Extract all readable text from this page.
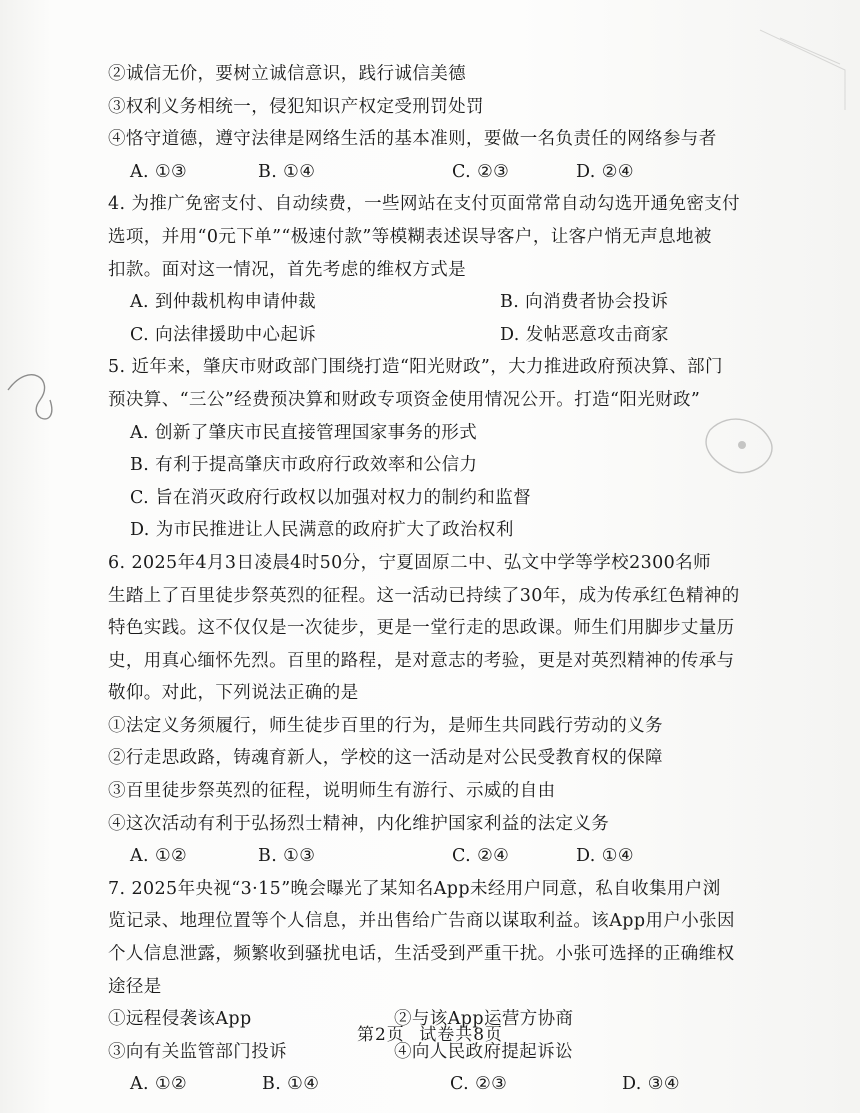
②诚信无价，要树立诚信意识，践行诚信美德
③权利义务相统一，侵犯知识产权定受刑罚处罚
④恪守道德，遵守法律是网络生活的基本准则，要做一名负责任的网络参与者
A. ①③	B. ①④	C. ②③	D. ②④
4. 为推广免密支付、自动续费，一些网站在支付页面常常自动勾选开通免密支付
选项，并用“0元下单”“极速付款”等模糊表述误导客户，让客户悄无声息地被
扣款。面对这一情况，首先考虑的维权方式是
A. 到仲裁机构申请仲裁	B. 向消费者协会投诉
C. 向法律援助中心起诉	D. 发帖恶意攻击商家
5. 近年来，肇庆市财政部门围绕打造“阳光财政”，大力推进政府预决算、部门
预决算、“三公”经费预决算和财政专项资金使用情况公开。打造“阳光财政”
A. 创新了肇庆市民直接管理国家事务的形式
B. 有利于提高肇庆市政府行政效率和公信力
C. 旨在消灭政府行政权以加强对权力的制约和监督
D. 为市民推进让人民满意的政府扩大了政治权利
6. 2025年4月3日凌晨4时50分，宁夏固原二中、弘文中学等学校2300名师
生踏上了百里徒步祭英烈的征程。这一活动已持续了30年，成为传承红色精神的
特色实践。这不仅仅是一次徒步，更是一堂行走的思政课。师生们用脚步丈量历
史，用真心缅怀先烈。百里的路程，是对意志的考验，更是对英烈精神的传承与
敬仰。对此，下列说法正确的是
①法定义务须履行，师生徒步百里的行为，是师生共同践行劳动的义务
②行走思政路，铸魂育新人，学校的这一活动是对公民受教育权的保障
③百里徒步祭英烈的征程，说明师生有游行、示威的自由
④这次活动有利于弘扬烈士精神，内化维护国家利益的法定义务
A. ①②	B. ①③	C. ②④	D. ①④
7. 2025年央视“3·15”晚会曝光了某知名App未经用户同意，私自收集用户浏
览记录、地理位置等个人信息，并出售给广告商以谋取利益。该App用户小张因
个人信息泄露，频繁收到骚扰电话，生活受到严重干扰。小张可选择的正确维权
途径是
①远程侵袭该App	②与该App运营方协商
③向有关监管部门投诉	④向人民政府提起诉讼
A. ①②	B. ①④	C. ②③	D. ③④
第2页 试卷共8页
